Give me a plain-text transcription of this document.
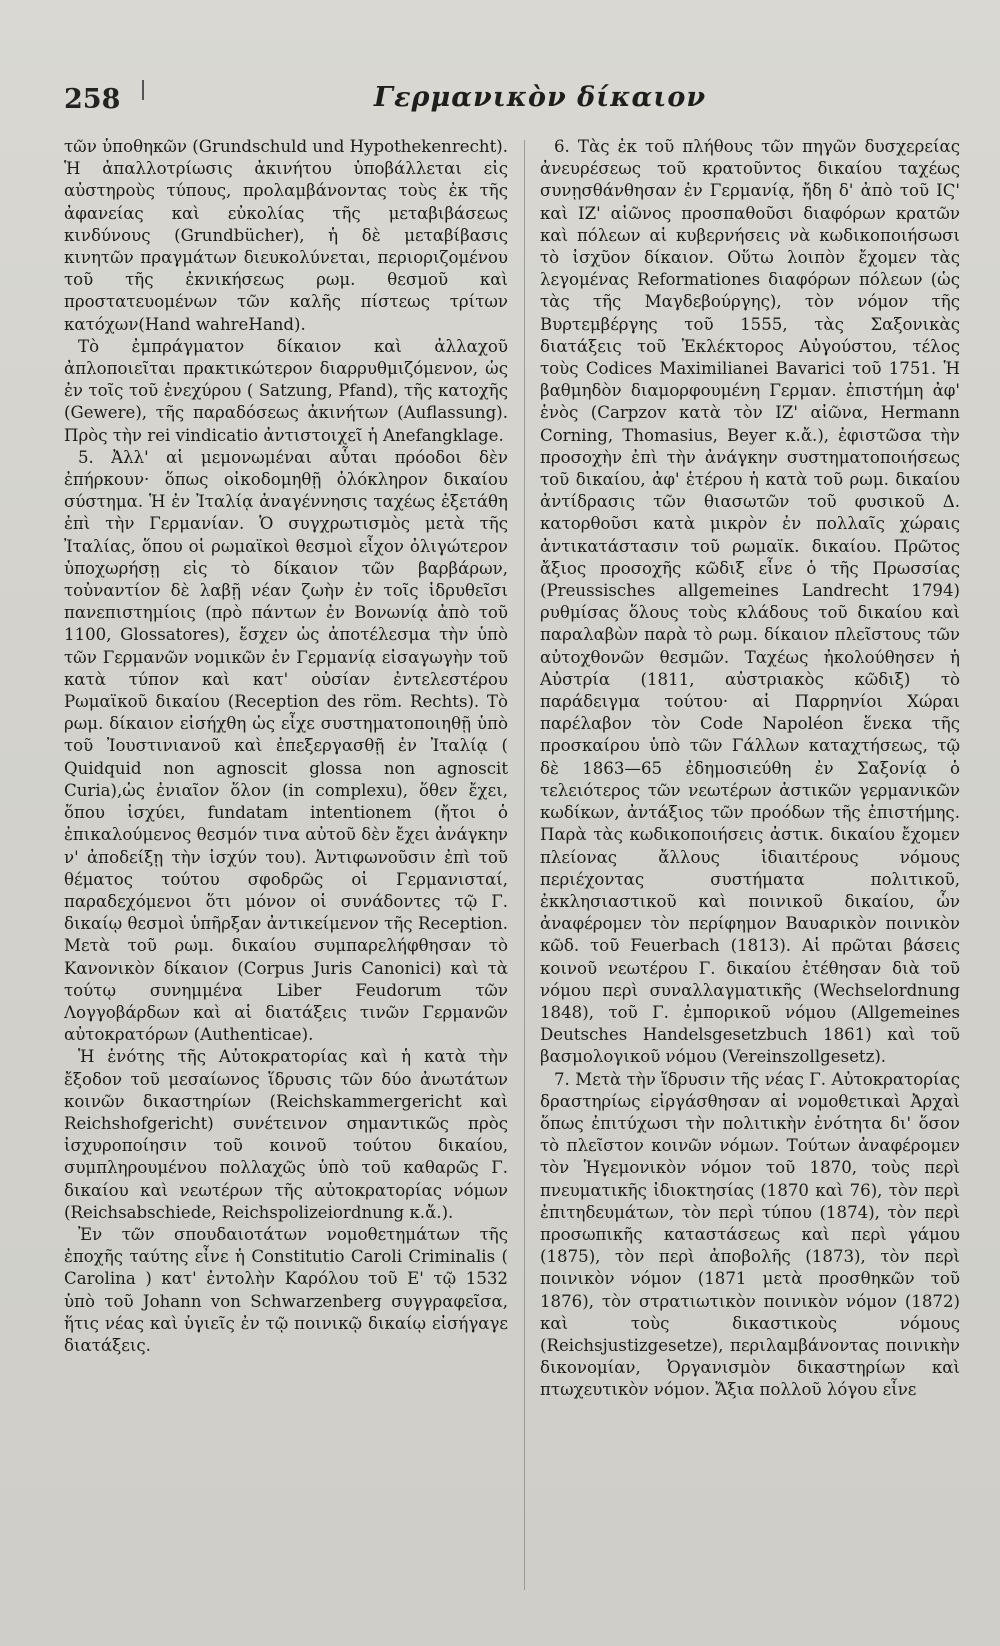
258	Γερμανικὸν δίκαιον

τῶν ὑποθηκῶν (Grundschuld und Hypothekenrecht). Ἡ ἀπαλλοτρίωσις ἀκινήτου ὑποβάλλεται εἰς αὐστηροὺς τύπους, προλαμβάνοντας τοὺς ἐκ τῆς ἀφανείας καὶ εὐκολίας τῆς μεταβιβάσεως κινδύνους (Grundbücher), ἡ δὲ μεταβίβασις κινητῶν πραγμάτων διευκολύνεται, περιοριζομένου τοῦ τῆς ἐκνικήσεως ρωμ. θεσμοῦ καὶ προστατευομένων τῶν καλῆς πίστεως τρίτων κατόχων(Hand wahreHand).

Τὸ ἐμπράγματον δίκαιον καὶ ἀλλαχοῦ ἀπλοποιεῖται πρακτικώτερον διαρρυθμιζόμενον, ὡς ἐν τοῖς τοῦ ἐνεχύρου ( Satzung, Pfand), τῆς κατοχῆς (Gewere), τῆς παραδόσεως ἀκινήτων (Auflassung). Πρὸς τὴν rei vindicatio ἀντιστοιχεῖ ἡ Anefangklage.

5. Ἀλλ' αἱ μεμονωμέναι αὗται πρόοδοι δὲν ἐπήρκουν· ὅπως οἰκοδομηθῇ ὁλόκληρον δικαίου σύστημα. Ἡ ἐν Ἰταλίᾳ ἀναγέννησις ταχέως ἐξετάθη ἐπὶ τὴν Γερμανίαν. Ὁ συγχρωτισμὸς μετὰ τῆς Ἰταλίας, ὅπου οἱ ρωμαϊκοὶ θεσμοὶ εἶχον ὀλιγώτερον ὑποχωρήσῃ εἰς τὸ δίκαιον τῶν βαρβάρων, τοὐναντίον δὲ λαβῇ νέαν ζωὴν ἐν τοῖς ἱδρυθεῖσι πανεπιστημίοις (πρὸ πάντων ἐν Βονωνίᾳ ἀπὸ τοῦ 1100, Glossatores), ἔσχεν ὡς ἀποτέλεσμα τὴν ὑπὸ τῶν Γερμανῶν νομικῶν ἐν Γερμανίᾳ εἰσαγωγὴν τοῦ κατὰ τύπον καὶ κατ' οὐσίαν ἐντελεστέρου Ρωμαϊκοῦ δικαίου (Reception des röm. Rechts). Τὸ ρωμ. δίκαιον εἰσήχθη ὡς εἶχε συστηματοποιηθῇ ὑπὸ τοῦ Ἰουστινιανοῦ καὶ ἐπεξεργασθῇ ἐν Ἰταλίᾳ ( Quidquid non agnoscit glossa non agnoscit Curia),ὡς ἐνιαῖον ὅλον (in complexu), ὅθεν ἔχει, ὅπου ἰσχύει, fundatam intentionem (ἤτοι ὁ ἐπικαλούμενος θεσμόν τινα αὐτοῦ δὲν ἔχει ἀνάγκην ν' ἀποδείξῃ τὴν ἰσχύν του). Ἀντιφωνοῦσιν ἐπὶ τοῦ θέματος τούτου σφοδρῶς οἱ Γερμανισταί, παραδεχόμενοι ὅτι μόνον οἱ συνάδοντες τῷ Γ. δικαίῳ θεσμοὶ ὑπῆρξαν ἀντικείμενον τῆς Reception. Μετὰ τοῦ ρωμ. δικαίου συμπαρελήφθησαν τὸ Κανονικὸν δίκαιον (Corpus Juris Canonici) καὶ τὰ τούτῳ συνημμένα Liber Feudorum τῶν Λογγοβάρδων καὶ αἱ διατάξεις τινῶν Γερμανῶν αὐτοκρατόρων (Authenticae).

Ἡ ἑνότης τῆς Αὐτοκρατορίας καὶ ἡ κατὰ τὴν ἔξοδον τοῦ μεσαίωνος ἵδρυσις τῶν δύο ἀνωτάτων κοινῶν δικαστηρίων (Reichskammergericht καὶ Reichshofgericht) συνέτεινον σημαντικῶς πρὸς ἰσχυροποίησιν τοῦ κοινοῦ τούτου δικαίου, συμπληρουμένου πολλαχῶς ὑπὸ τοῦ καθαρῶς Γ. δικαίου καὶ νεωτέρων τῆς αὐτοκρατορίας νόμων (Reichsabschiede, Reichspolizeiordnung κ.ἄ.).

Ἐν τῶν σπουδαιοτάτων νομοθετημάτων τῆς ἐποχῆς ταύτης εἶνε ἡ Constitutio Caroli Criminalis ( Carolina ) κατ' ἐντολὴν Καρόλου τοῦ Ε' τῷ 1532 ὑπὸ τοῦ Johann von Schwarzenberg συγγραφεῖσα, ἥτις νέας καὶ ὑγιεῖς ἐν τῷ ποινικῷ δικαίῳ εἰσήγαγε διατάξεις.

6. Τὰς ἐκ τοῦ πλήθους τῶν πηγῶν δυσχερείας ἀνευρέσεως τοῦ κρατοῦντος δικαίου ταχέως συνῃσθάνθησαν ἐν Γερμανίᾳ, ἤδη δ' ἀπὸ τοῦ ΙϚ' καὶ ΙΖ' αἰῶνος προσπαθοῦσι διαφόρων κρατῶν καὶ πόλεων αἱ κυβερνήσεις νὰ κωδικοποιήσωσι τὸ ἰσχῦον δίκαιον. Οὕτω λοιπὸν ἔχομεν τὰς λεγομένας Reformationes διαφόρων πόλεων (ὡς τὰς τῆς Μαγδεβούργης), τὸν νόμον τῆς Βυρτεμβέργης τοῦ 1555, τὰς Σαξονικὰς διατάξεις τοῦ Ἐκλέκτορος Αὐγούστου, τέλος τοὺς Codices Maximilianei Bavarici τοῦ 1751. Ἡ βαθμηδὸν διαμορφουμένη Γερμαν. ἐπιστήμη ἀφ' ἑνὸς (Carpzov κατὰ τὸν ΙΖ' αἰῶνα, Hermann Corning, Thomasius, Beyer κ.ἄ.), ἐφιστῶσα τὴν προσοχὴν ἐπὶ τὴν ἀνάγκην συστηματοποιήσεως τοῦ δικαίου, ἀφ' ἑτέρου ἡ κατὰ τοῦ ρωμ. δικαίου ἀντίδρασις τῶν θιασωτῶν τοῦ φυσικοῦ Δ. κατορθοῦσι κατὰ μικρὸν ἐν πολλαῖς χώραις ἀντικατάστασιν τοῦ ρωμαϊκ. δικαίου. Πρῶτος ἄξιος προσοχῆς κῶδιξ εἶνε ὁ τῆς Πρωσσίας (Preussisches allgemeines Landrecht 1794) ρυθμίσας ὅλους τοὺς κλάδους τοῦ δικαίου καὶ παραλαβὼν παρὰ τὸ ρωμ. δίκαιον πλεῖστους τῶν αὐτοχθονῶν θεσμῶν. Ταχέως ἠκολούθησεν ἡ Αὐστρία (1811, αὐστριακὸς κῶδιξ) τὸ παράδειγμα τούτου· αἱ Παρρηνίοι Χώραι παρέλαβον τὸν Code Napoléon ἕνεκα τῆς προσκαίρου ὑπὸ τῶν Γάλλων καταχτήσεως, τῷ δὲ 1863—65 ἐδημοσιεύθη ἐν Σαξονίᾳ ὁ τελειότερος τῶν νεωτέρων ἀστικῶν γερμανικῶν κωδίκων, ἀντάξιος τῶν προόδων τῆς ἐπιστήμης. Παρὰ τὰς κωδικοποιήσεις ἀστικ. δικαίου ἔχομεν πλείονας ἄλλους ἰδιαιτέρους νόμους περιέχοντας συστήματα πολιτικοῦ, ἐκκλησιαστικοῦ καὶ ποινικοῦ δικαίου, ὧν ἀναφέρομεν τὸν περίφημον Βαυαρικὸν ποινικὸν κῶδ. τοῦ Feuerbach (1813). Αἱ πρῶται βάσεις κοινοῦ νεωτέρου Γ. δικαίου ἐτέθησαν διὰ τοῦ νόμου περὶ συναλλαγματικῆς (Wechselordnung 1848), τοῦ Γ. ἐμπορικοῦ νόμου (Allgemeines Deutsches Handelsgesetzbuch 1861) καὶ τοῦ βασμολογικοῦ νόμου (Vereinszollgesetz).

7. Μετὰ τὴν ἵδρυσιν τῆς νέας Γ. Αὐτοκρατορίας δραστηρίως εἰργάσθησαν αἱ νομοθετικαὶ Ἀρχαὶ ὅπως ἐπιτύχωσι τὴν πολιτικὴν ἑνότητα δι' ὅσον τὸ πλεῖστον κοινῶν νόμων. Τούτων ἀναφέρομεν τὸν Ἡγεμονικὸν νόμον τοῦ 1870, τοὺς περὶ πνευματικῆς ἰδιοκτησίας (1870 καὶ 76), τὸν περὶ ἐπιτηδευμάτων, τὸν περὶ τύπου (1874), τὸν περὶ προσωπικῆς καταστάσεως καὶ περὶ γάμου (1875), τὸν περὶ ἀποβολῆς (1873), τὸν περὶ ποινικὸν νόμον (1871 μετὰ προσθηκῶν τοῦ 1876), τὸν στρατιωτικὸν ποινικὸν νόμον (1872) καὶ τοὺς δικαστικοὺς νόμους (Reichsjustizgesetze), περιλαμβάνοντας ποινικὴν δικονομίαν, Ὀργανισμὸν δικαστηρίων καὶ πτωχευτικὸν νόμον. Ἄξια πολλοῦ λόγου εἶνε
